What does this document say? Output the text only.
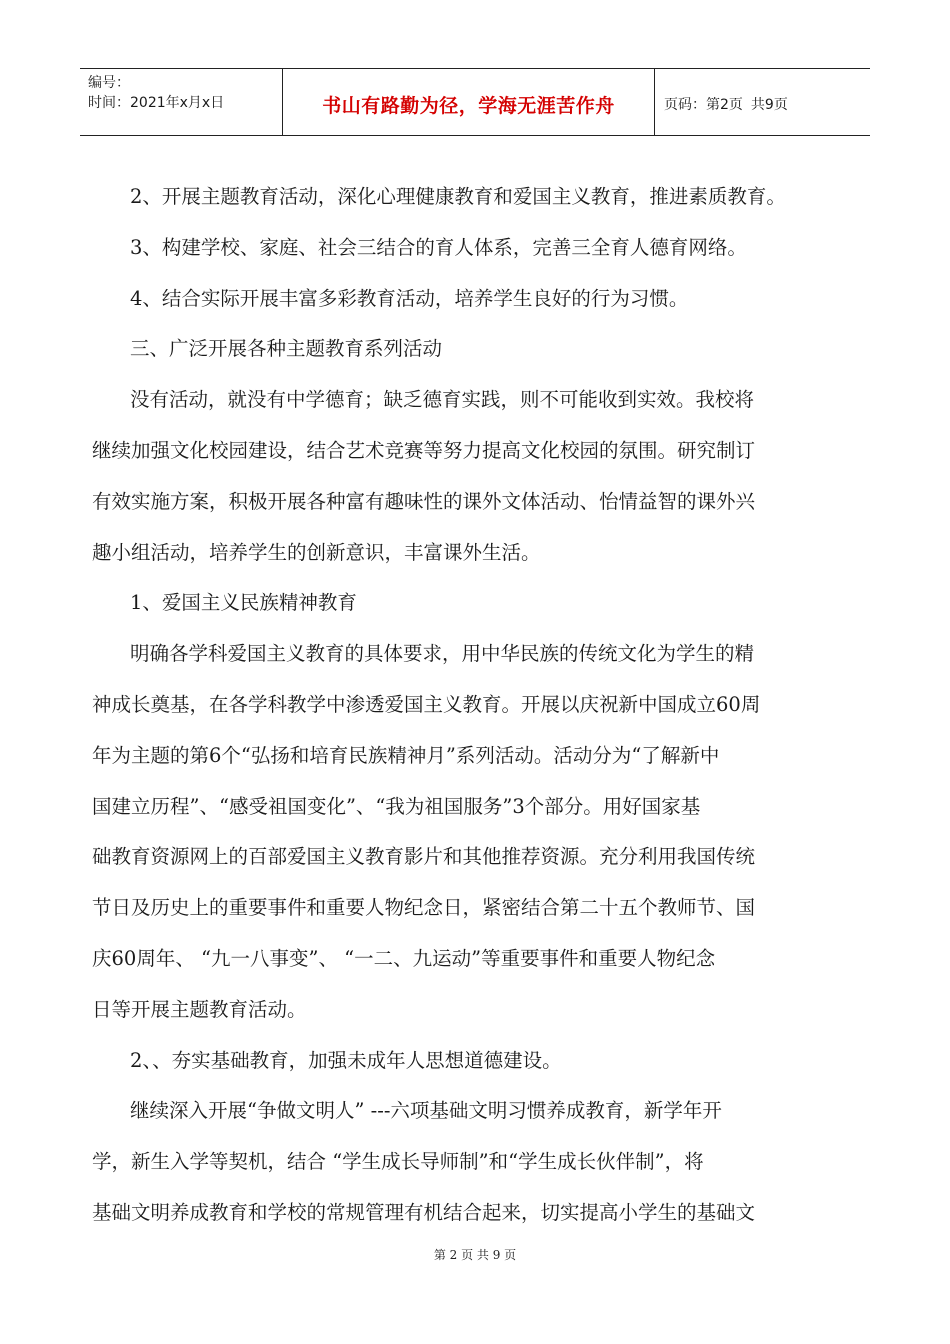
编号：
时间：2021年x月x日	书山有路勤为径，学海无涯苦作舟	页码：第2页 共9页

2、开展主题教育活动，深化心理健康教育和爱国主义教育，推进素质教育。

3、构建学校、家庭、社会三结合的育人体系，完善三全育人德育网络。

4、结合实际开展丰富多彩教育活动，培养学生良好的行为习惯。

三、广泛开展各种主题教育系列活动

没有活动，就没有中学德育；缺乏德育实践，则不可能收到实效。我校将

继续加强文化校园建设，结合艺术竞赛等努力提高文化校园的氛围。研究制订

有效实施方案，积极开展各种富有趣味性的课外文体活动、怡情益智的课外兴

趣小组活动，培养学生的创新意识，丰富课外生活。

1、爱国主义民族精神教育

明确各学科爱国主义教育的具体要求，用中华民族的传统文化为学生的精

神成长奠基，在各学科教学中渗透爱国主义教育。开展以庆祝新中国成立60周

年为主题的第6个“弘扬和培育民族精神月”系列活动。活动分为“了解新中

国建立历程”、“感受祖国变化”、“我为祖国服务”3个部分。用好国家基

础教育资源网上的百部爱国主义教育影片和其他推荐资源。充分利用我国传统

节日及历史上的重要事件和重要人物纪念日，紧密结合第二十五个教师节、国

庆60周年、 “九一八事变”、 “一二、九运动”等重要事件和重要人物纪念

日等开展主题教育活动。

2、、夯实基础教育，加强未成年人思想道德建设。

继续深入开展“争做文明人” ---六项基础文明习惯养成教育，新学年开

学，新生入学等契机，结合 “学生成长导师制”和“学生成长伙伴制”，将

基础文明养成教育和学校的常规管理有机结合起来，切实提高小学生的基础文

第 2 页 共 9 页
